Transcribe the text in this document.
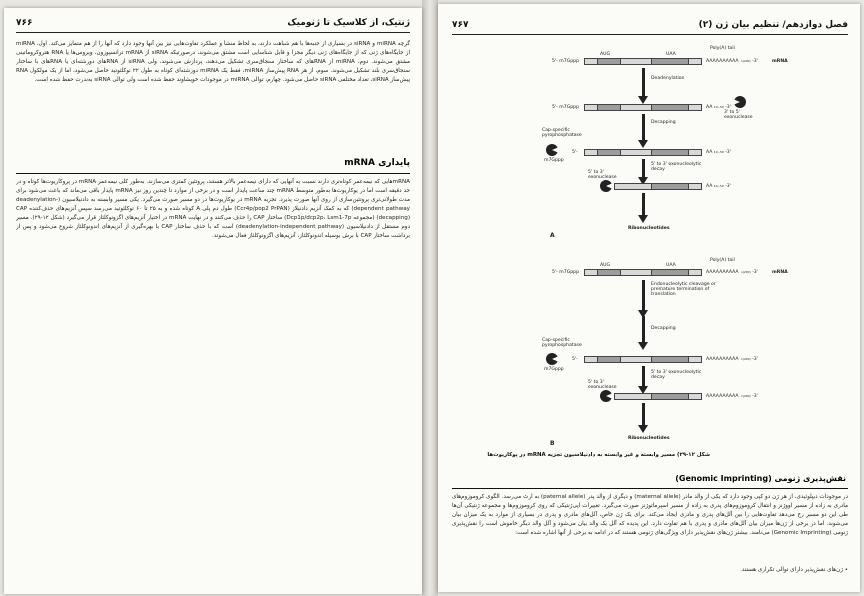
۷۶۶	ژنتیک، از کلاسیک تا ژنومیک

گرچه miRNA و siRNA در بسیاری از جنبه‌ها با هم شباهت دارند، به لحاظ منشأ و عملکرد تفاوت‌هایی نیز بین آنها وجود دارد که آنها را از هم متمایز می‌کند. اول، miRNA از جایگاه‌های ژنی که از جایگاه‌های ژنی دیگر مجزا و قابل شناسایی است مشتق می‌شوند، درصورتیکه siRNA از mRNA ترانسپوزون، ویروس‌ها یا RNA هتروکروماتینی مشتق می‌شوند. دوم، miRNA از RNAهای که ساختار سنجاق‌سری تشکیل می‌دهند، پردازش می‌شوند، ولی siRNA از RNAهای دورشته‌ای یا RNAهای با ساختار سنجاق‌سری بلند تشکیل می‌شوند. سوم، از هر RNA پیش‌ساز miRNA، فقط یک miRNA دورشته‌ای کوتاه به طول ۲۲ نوکلئوتید حاصل می‌شود، اما از یک مولکول RNA پیش‌ساز siRNA، تعداد مختلفی siRNA حاصل می‌شود. چهارم، توالی miRNA در موجودات خویشاوند حفظ شده است ولی توالی siRNA به‌ندرت حفظ شده است.

پایداری mRNA

mRNAهایی که نیمه‌عمر کوتاه‌تری دارند نسبت به آنهایی که دارای نیمه‌عمر بالاتر هستند، پروتئین کمتری می‌سازند. به‌طور کلی نیمه‌عمر mRNA در پروکاریوت‌ها کوتاه و در حد دقیقه است اما در یوکاریوت‌ها به‌طور متوسط mRNA چند ساعت پایدار است و در برخی از موارد تا چندین روز نیز mRNA پایدار باقی می‌ماند که باعث می‌شود برای مدت طولانی‌تری پروتئین‌سازی از روی آنها صورت پذیرد. تجزیه mRNA در یوکاریوت‌ها در دو مسیر صورت می‌گیرد. یکی مسیر وابسته به دادنیلاسیون (deadenylation-dependent pathway) که به کمک آنزیم دادنیلاز (Ccr4p/pop2 PrPAN) طول دم پلی A کوتاه شده و به ۲۵ تا ۶۰ نوکلئوتید می‌رسد سپس آنزیم‌های حذف‌کننده CAP (decapping) (مجموعه Dcp1p/dcp2p، Lsm1-7p) ساختار CAP را حذف می‌کنند و در نهایت mRNA در اختیار آنزیم‌های اگزونوکلئاز قرار می‌گیرد (شکل ۱۲-۲۹). مسیر دوم مستقل از دادنیلاسیون (deadenylation-independent pathway) است که با حذف ساختار CAP با بهره‌گیری از آنزیم‌های اندونوکلئاز شروع می‌شود و پس از برداشت ساختار CAP با برش بوسیله اندونوکلئاز، آنزیم‌های اگزونوکلئاز فعال می‌شوند.

۷۶۷	فصل دوازدهم/ تنظیم بیان ژن (۲)
Poly(A) tail
5'- m7Gppp
AUG	UAA
AAAAAAAAAA ₙ₍₂₀₀₎ -3'	mRNA
Deadenylation
5'- m7Gppp	AA ₁₀₋₅₀ -3'
3' to 5' exonuclease
Decapping
Cap-specific pyrophosphatase
m7Gppp
5'-	AA ₁₀₋₅₀ -3'
5' to 3' exonucleolytic decay
5' to 3' exonuclease
AA ₁₀₋₅₀ -3'
Ribonucleotides
A
Poly(A) tail
5'- m7Gppp
AUG	UAA
AAAAAAAAAA ₙ₍₂₀₀₎ -3'	mRNA
Endonucleolytic cleavage or premature termination of translation
Decapping
Cap-specific pyrophosphatase
m7Gppp
5'-	AAAAAAAAAA ₙ₍₂₀₀₎ -3'
5' to 3' exonucleolytic decay
5' to 3' exonuclease
AAAAAAAAAA ₙ₍₂₀₀₎ -3'
Ribonucleotides
B
شکل ۱۲-۲۹) مسیر وابسته و غیر وابسته به دادنیلاسیون تجزیه mRNA در یوکاریوت‌ها
نقش‌پذیری ژنومی (Genomic Imprinting)

در موجودات دیپلوئیدی، از هر ژن دو کپی وجود دارد که یکی از والد مادر (maternal allele) و دیگری از والد پدر (paternal allele) به ارث می‌رسد. الگوی کروموزوم‌های مادری به زاده از مسیر اووژنز و انتقال کروموزوم‌های پدری به زاده از مسیر اسپرماتوژنز صورت می‌گیرد. تغییرات اپی‌ژنتیکی که روی کروموزوم‌ها و مجموعه ژنتیکی آن‌ها طی این دو مسیر رخ می‌دهد تفاوت‌هایی را بین آلل‌های پدری و مادری ایجاد می‌کند. برای یک ژن خاص، آلل‌های مادری و پدری در بسیاری از موارد به یک میزان بیان می‌شوند. اما در برخی از ژن‌ها میزان بیان آلل‌های مادری و پدری با هم تفاوت دارد. این پدیده که آلل یک والد بیان می‌شود و آلل والد دیگر خاموش است را نقش‌پذیری ژنومی (Genomic Imprinting) می‌نامند. بیشتر ژن‌های نقش‌پذیر دارای ویژگی‌های ژنومی هستند که در ادامه به برخی از آنها اشاره شده است:

• ژن‌های نقش‌پذیر دارای توالی تکراری هستند.
